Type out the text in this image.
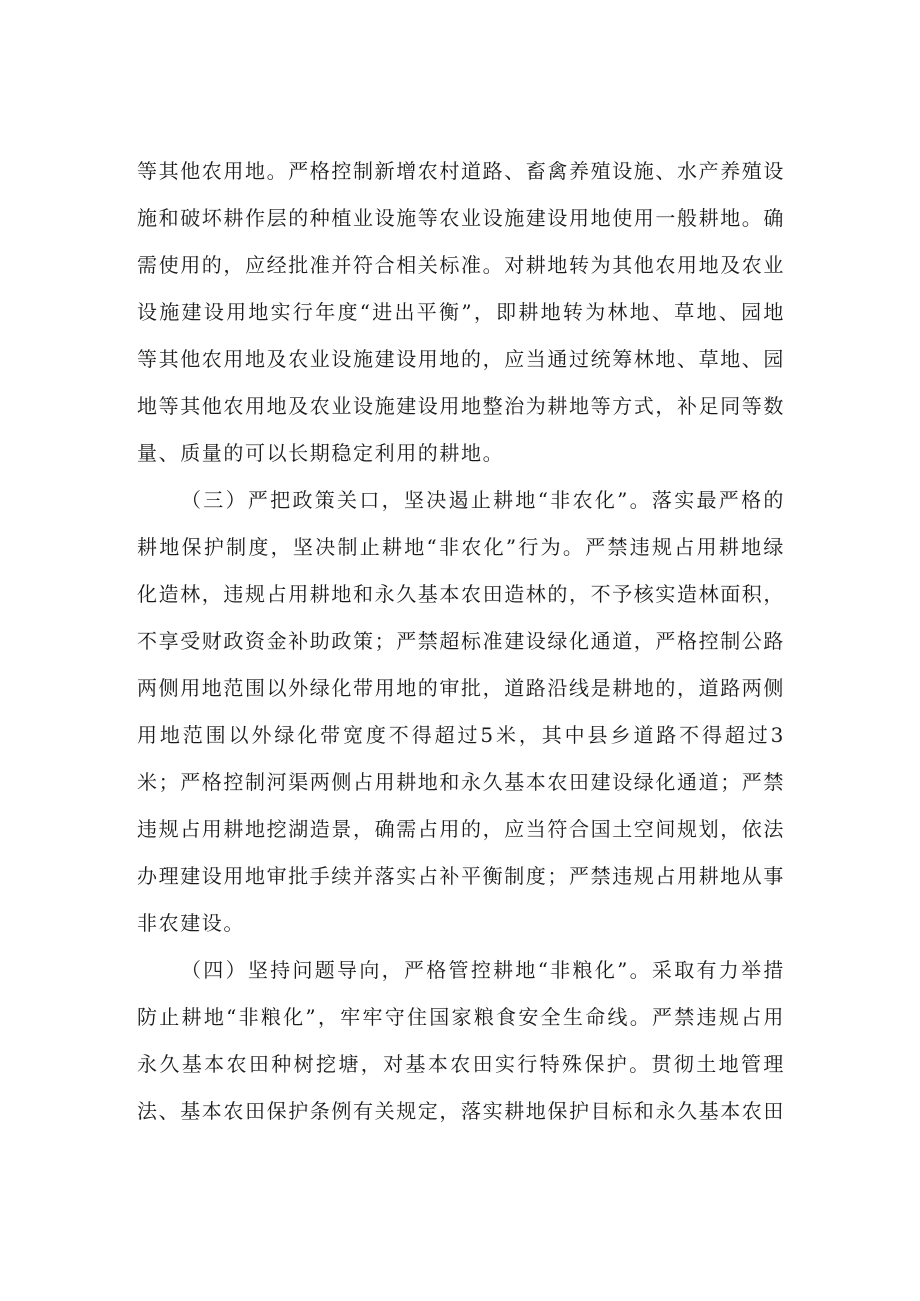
等其他农用地。严格控制新增农村道路、畜禽养殖设施、水产养殖设施和破坏耕作层的种植业设施等农业设施建设用地使用一般耕地。确需使用的，应经批准并符合相关标准。对耕地转为其他农用地及农业设施建设用地实行年度“进出平衡”，即耕地转为林地、草地、园地等其他农用地及农业设施建设用地的，应当通过统筹林地、草地、园地等其他农用地及农业设施建设用地整治为耕地等方式，补足同等数量、质量的可以长期稳定利用的耕地。

（三）严把政策关口，坚决遏止耕地“非农化”。落实最严格的耕地保护制度，坚决制止耕地“非农化”行为。严禁违规占用耕地绿化造林，违规占用耕地和永久基本农田造林的，不予核实造林面积，不享受财政资金补助政策；严禁超标准建设绿化通道，严格控制公路两侧用地范围以外绿化带用地的审批，道路沿线是耕地的，道路两侧用地范围以外绿化带宽度不得超过5米，其中县乡道路不得超过3米；严格控制河渠两侧占用耕地和永久基本农田建设绿化通道；严禁违规占用耕地挖湖造景，确需占用的，应当符合国土空间规划，依法办理建设用地审批手续并落实占补平衡制度；严禁违规占用耕地从事非农建设。

（四）坚持问题导向，严格管控耕地“非粮化”。采取有力举措防止耕地“非粮化”，牢牢守住国家粮食安全生命线。严禁违规占用永久基本农田种树挖塘，对基本农田实行特殊保护。贯彻土地管理法、基本农田保护条例有关规定，落实耕地保护目标和永久基本农田
